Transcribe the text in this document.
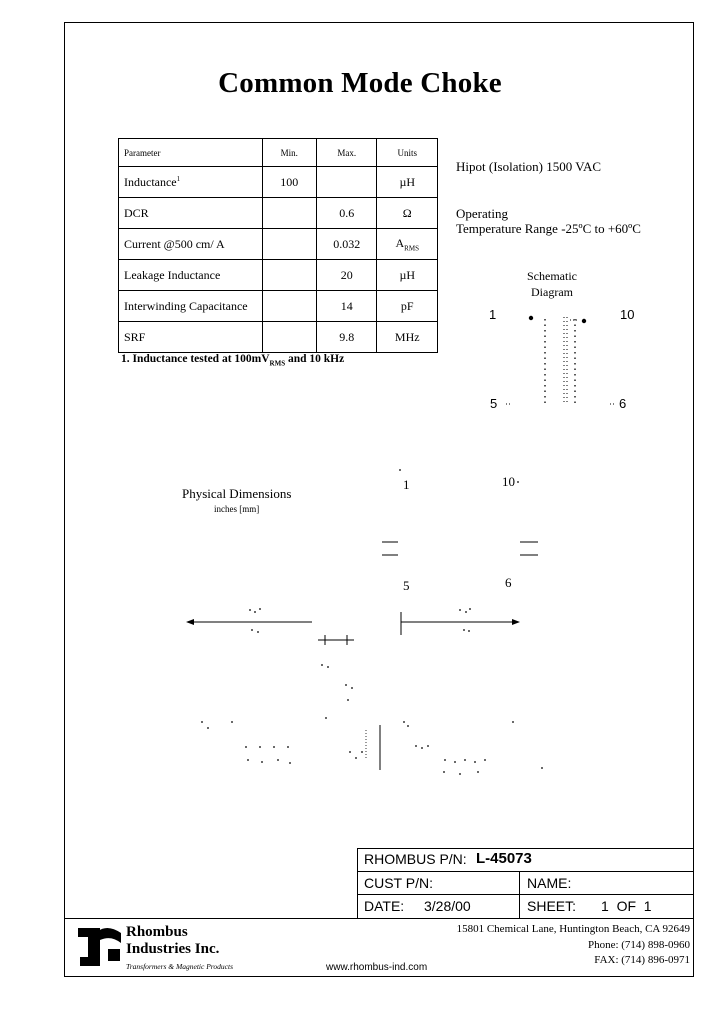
Common Mode Choke
Parameter	Min.	Max.	Units
Inductance$^1$	100		µH
DCR		0.6	Ω
Current @500 cm/ A		0.032	$A_{RMS}$
Leakage Inductance		20	µH
Interwinding Capacitance		14	pF
SRF		9.8	MHz
1. Inductance tested at $100mV_{RMS}$ and 10 kHz
Hipot (Isolation) 1500 VAC
Operating
Temperature Range -25ºC to +60ºC
Schematic
Diagram
1	10
5	6
Physical Dimensions
inches [mm]
1	10
5	6
RHOMBUS P/N: L-45073
CUST P/N:	NAME:
DATE: 3/28/00	SHEET: 1  OF  1
Rhombus
Industries Inc.
Transformers & Magnetic Products	www.rhombus-ind.com
15801 Chemical Lane, Huntington Beach, CA 92649
Phone: (714) 898-0960
FAX: (714) 896-0971
